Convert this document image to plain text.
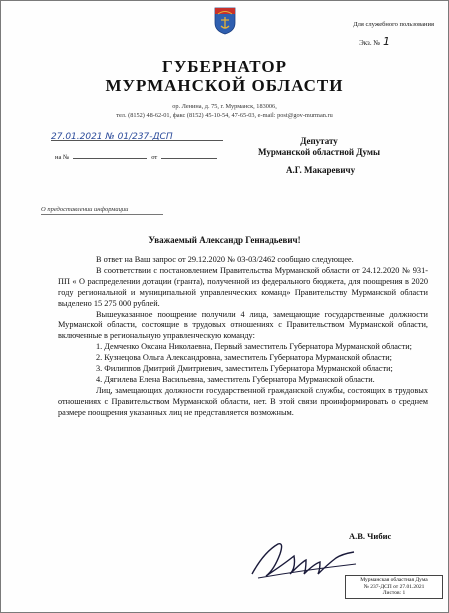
Для служебного пользования
Экз. № 1
ГУБЕРНАТОР
МУРМАНСКОЙ ОБЛАСТИ
ор. Ленина, д. 75, г. Мурманск, 183006,
тел. (8152) 48-62-01, факс (8152) 45-10-54, 47-65-03, e-mail: post@gov-murman.ru
27.01.2021 № 01/237-ДСП
на №	от
Депутату
Мурманской областной Думы
А.Г. Макаревичу
О предоставлении информации
Уважаемый Александр Геннадьевич!

В ответ на Ваш запрос от 29.12.2020 № 03-03/2462 сообщаю следующее.

В соответствии с постановлением Правительства Мурманской области от 24.12.2020 № 931-ПП « О распределении дотации (гранта), полученной из федерального бюджета, для поощрения в 2020 году региональной и муниципальной управленческих команд» Правительству Мурманской области выделено 15 275 000 рублей.

Вышеуказанное поощрение получили 4 лица, замещающие государственные должности Мурманской области, состоящие в трудовых отношениях с Правительством Мурманской области, включенные в региональную управленческую команду:

1. Демченко Оксана Николаевна, Первый заместитель Губернатора Мурманской области;

2. Кузнецова Ольга Александровна, заместитель Губернатора Мурманской области;

3. Филиппов Дмитрий Дмитриевич, заместитель Губернатора Мурманской области;

4. Дягилева Елена Васильевна, заместитель Губернатора Мурманской области.

Лиц, замещающих должности государственной гражданской службы, состоящих в трудовых отношениях с Правительством Мурманской области, нет. В этой связи проинформировать о среднем размере поощрения указанных лиц не представляется возможным.

А.В. Чибис
Мурманская областная Дума
№ 237-ДСП от 27.01.2021
Листов: 1
